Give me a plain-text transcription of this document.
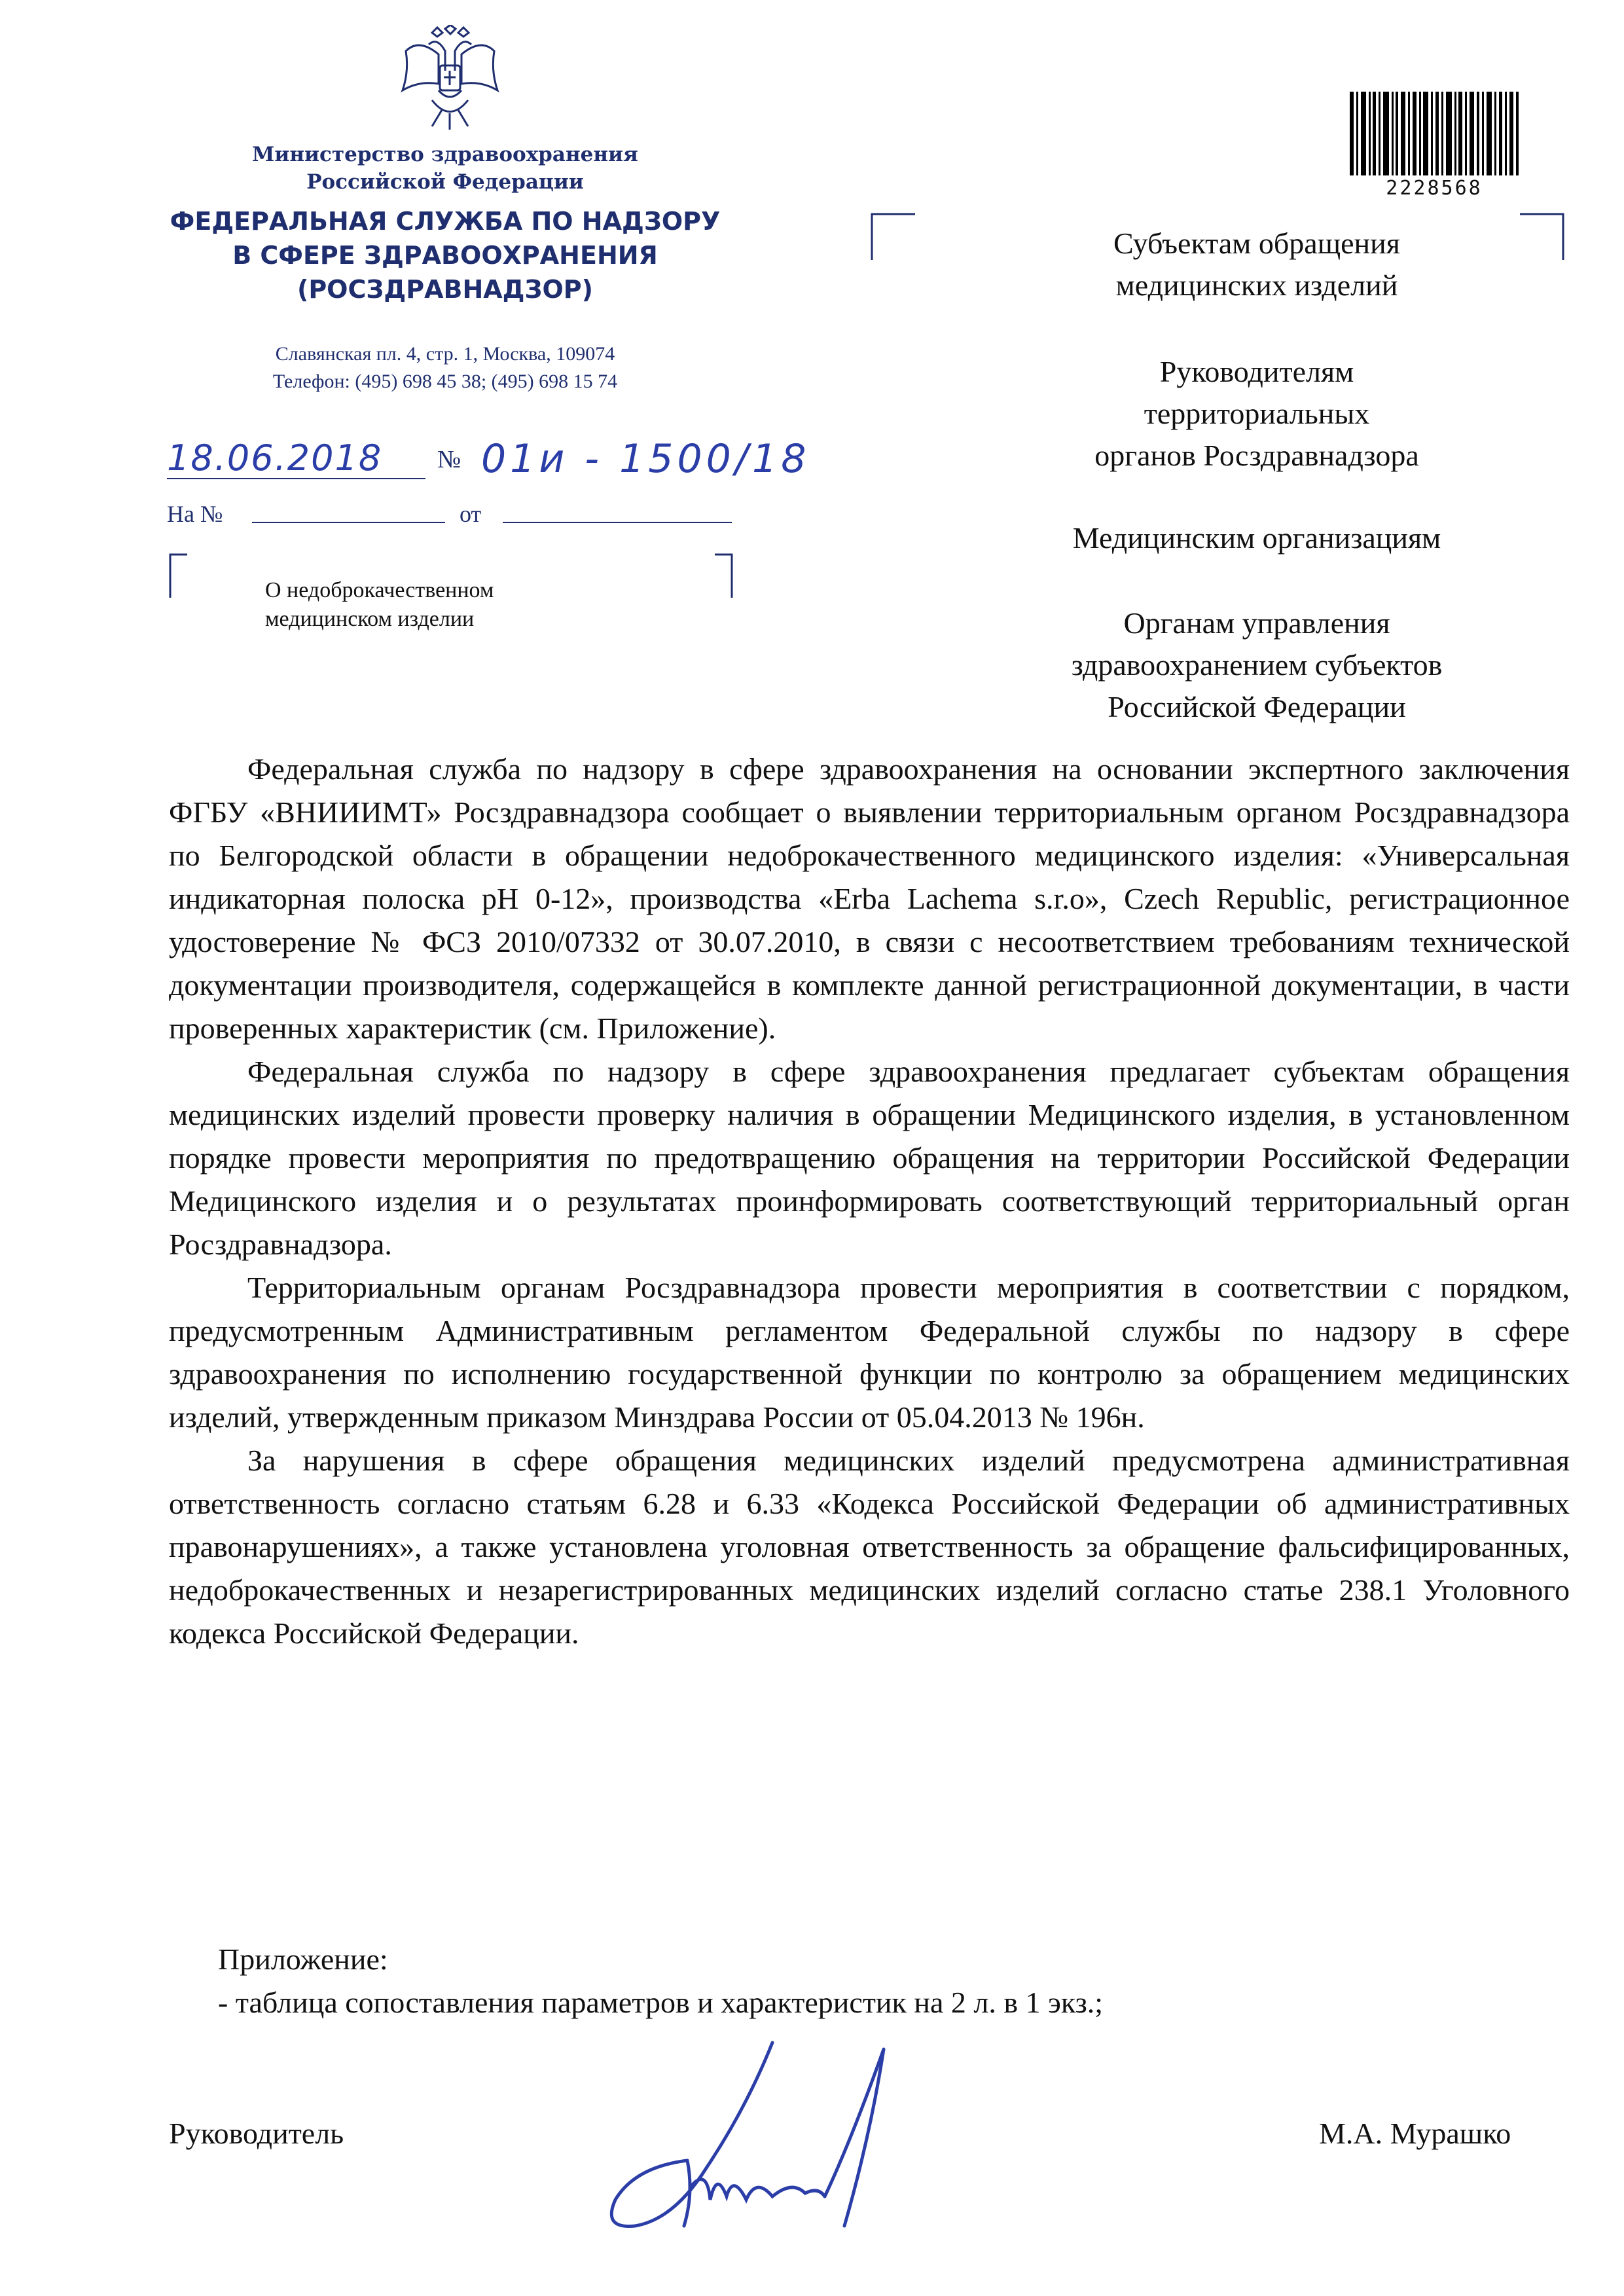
Министерство здравоохранения
Российской Федерации
ФЕДЕРАЛЬНАЯ СЛУЖБА ПО НАДЗОРУ
В СФЕРЕ ЗДРАВООХРАНЕНИЯ
(РОСЗДРАВНАДЗОР)
Славянская пл. 4, стр. 1, Москва, 109074
Телефон: (495) 698 45 38; (495) 698 15 74
18.06.2018 № 01и - 1500/18
На №	от
О недоброкачественном
медицинском изделии
2228568
Субъектам обращения
медицинских изделий
Руководителям
территориальных
органов Росздравнадзора
Медицинским организациям
Органам управления
здравоохранением субъектов
Российской Федерации

Федеральная служба по надзору в сфере здравоохранения на основании экспертного заключения ФГБУ «ВНИИИМТ» Росздравнадзора сообщает о выявлении территориальным органом Росздравнадзора по Белгородской области в обращении недоброкачественного медицинского изделия: «Универсальная индикаторная полоска pH 0-12», производства «Erba Lachema s.r.o», Czech Republic, регистрационное удостоверение № ФСЗ 2010/07332 от 30.07.2010, в связи с несоответствием требованиям технической документации производителя, содержащейся в комплекте данной регистрационной документации, в части проверенных характеристик (см. Приложение).

Федеральная служба по надзору в сфере здравоохранения предлагает субъектам обращения медицинских изделий провести проверку наличия в обращении Медицинского изделия, в установленном порядке провести мероприятия по предотвращению обращения на территории Российской Федерации Медицинского изделия и о результатах проинформировать соответствующий территориальный орган Росздравнадзора.

Территориальным органам Росздравнадзора провести мероприятия в соответствии с порядком, предусмотренным Административным регламентом Федеральной службы по надзору в сфере здравоохранения по исполнению государственной функции по контролю за обращением медицинских изделий, утвержденным приказом Минздрава России от 05.04.2013 № 196н.

За нарушения в сфере обращения медицинских изделий предусмотрена административная ответственность согласно статьям 6.28 и 6.33 «Кодекса Российской Федерации об административных правонарушениях», а также установлена уголовная ответственность за обращение фальсифицированных, недоброкачественных и незарегистрированных медицинских изделий согласно статье 238.1 Уголовного кодекса Российской Федерации.

Приложение:
- таблица сопоставления параметров и характеристик на 2 л. в 1 экз.;
Руководитель	М.А. Мурашко
